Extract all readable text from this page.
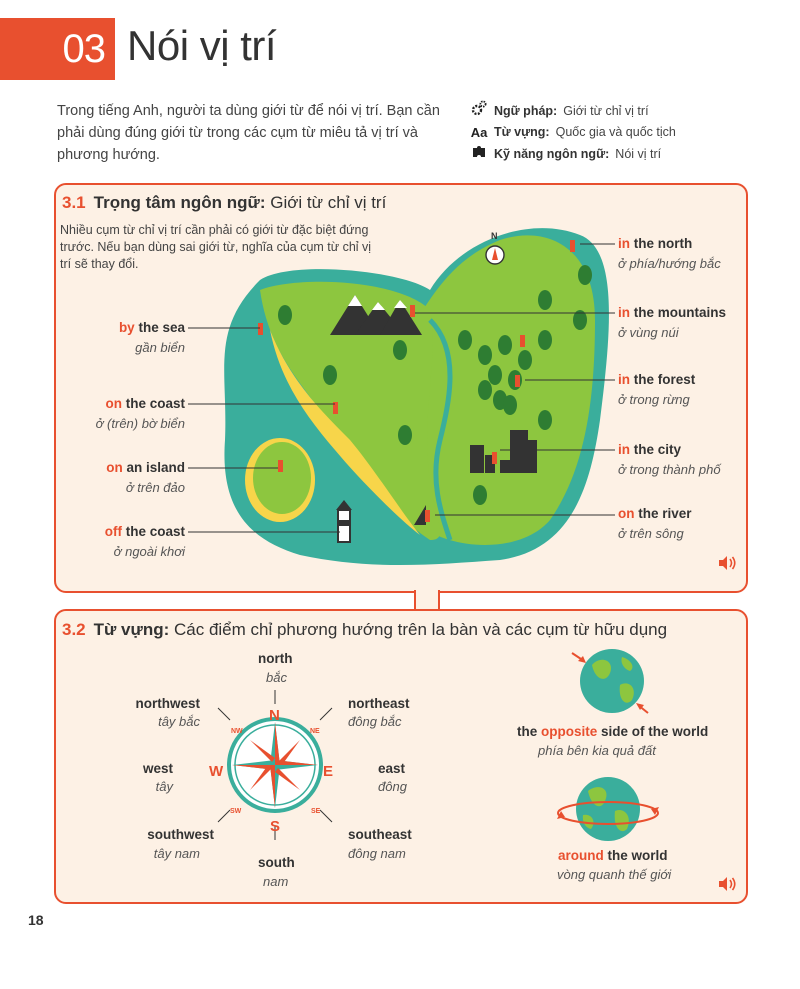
03 Nói vị trí
Trong tiếng Anh, người ta dùng giới từ để nói vị trí. Bạn cần phải dùng đúng giới từ trong các cụm từ miêu tả vị trí và phương hướng.
Ngữ pháp: Giới từ chỉ vị trí
Aa Từ vựng: Quốc gia và quốc tịch
Kỹ năng ngôn ngữ: Nói vị trí
3.1 Trọng tâm ngôn ngữ: Giới từ chỉ vị trí
Nhiều cụm từ chỉ vị trí cần phải có giới từ đặc biệt đứng trước. Nếu bạn dùng sai giới từ, nghĩa của cụm từ chỉ vị trí sẽ thay đổi.
N
by the sea
gần biển
on the coast
ở (trên) bờ biển
on an island
ở trên đảo
off the coast
ở ngoài khơi
in the north
ở phía/hướng bắc
in the mountains
ở vùng núi
in the forest
ở trong rừng
in the city
ở trong thành phố
on the river
ở trên sông
3.2 Từ vựng: Các điểm chỉ phương hướng trên la bàn và các cụm từ hữu dụng
N
S
E
W
NW	NE
SW	SE
north
bắc
northwest
tây bắc
northeast
đông bắc
west
tây
east
đông
southwest
tây nam
southeast
đông nam
south
nam
the opposite side of the world
phía bên kia quả đất
around the world
vòng quanh thế giới
18
